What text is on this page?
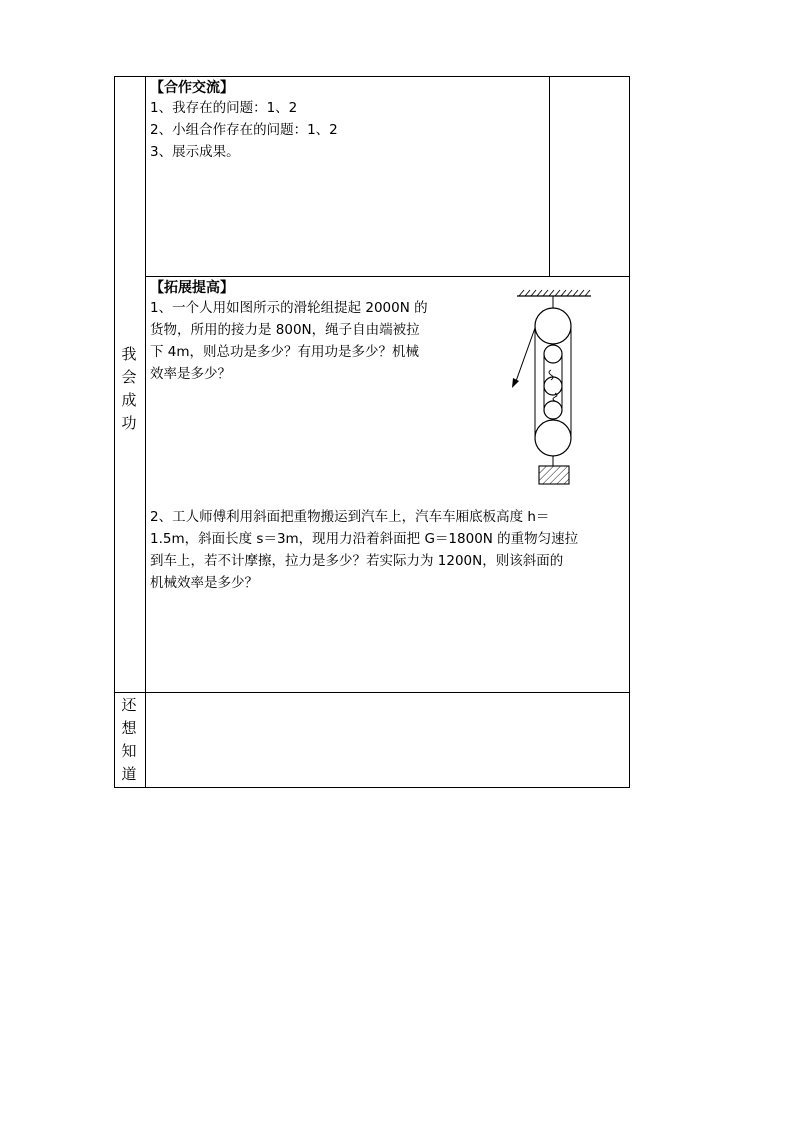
我
会
成
功
还
想
知
道
【合作交流】
1、我存在的问题：1、2
2、小组合作存在的问题：1、2
3、展示成果。
【拓展提高】
1、一个人用如图所示的滑轮组提起 2000N 的
货物，所用的接力是 800N，绳子自由端被拉
下 4m，则总功是多少？有用功是多少？机械
效率是多少？
2、工人师傅利用斜面把重物搬运到汽车上，汽车车厢底板高度 h＝
1.5m，斜面长度 s＝3m，现用力沿着斜面把 G＝1800N 的重物匀速拉
到车上，若不计摩擦，拉力是多少？若实际力为 1200N，则该斜面的
机械效率是多少？
